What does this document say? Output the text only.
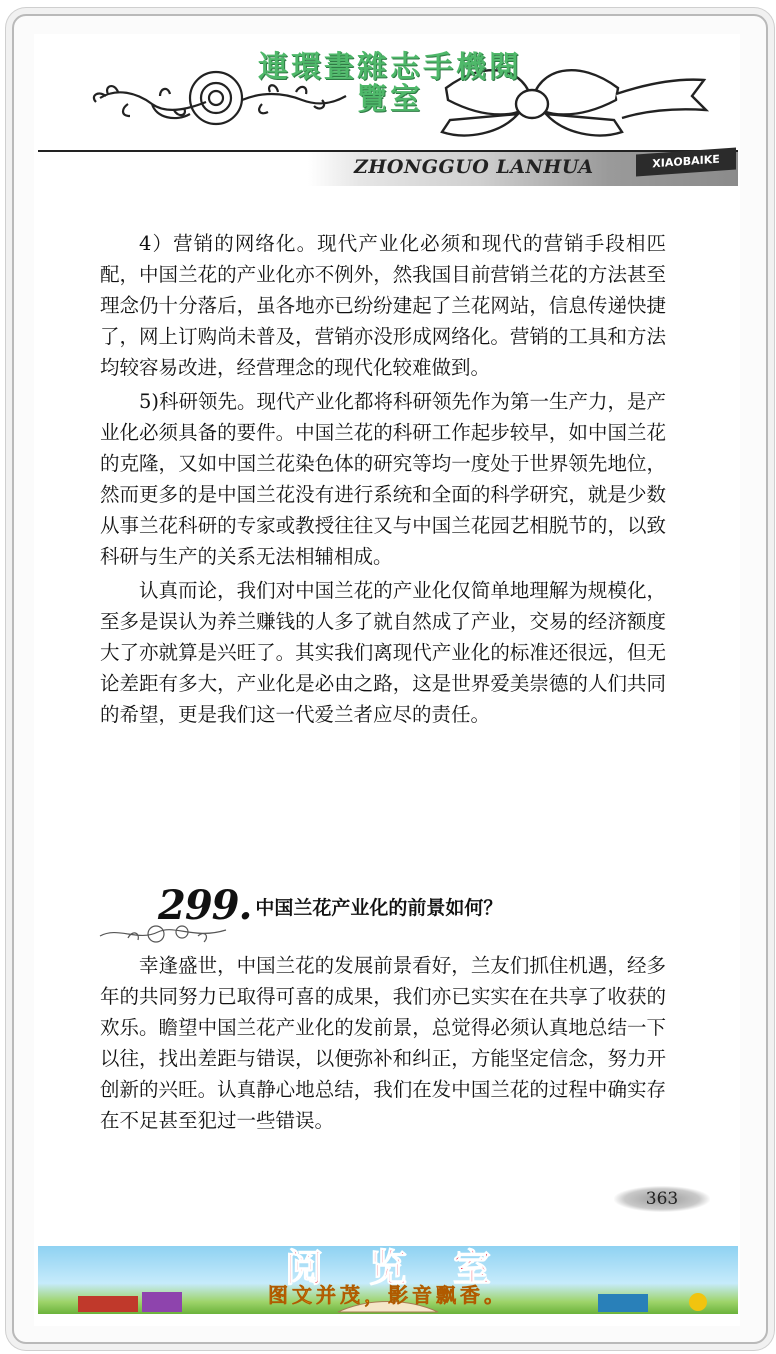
連環畫雜志手機閱
覽室
ZHONGGUO LANHUA	XIAOBAIKE

4）营销的网络化。现代产业化必须和现代的营销手段相匹配，中国兰花的产业化亦不例外，然我国目前营销兰花的方法甚至理念仍十分落后，虽各地亦已纷纷建起了兰花网站，信息传递快捷了，网上订购尚未普及，营销亦没形成网络化。营销的工具和方法均较容易改进，经营理念的现代化较难做到。

5)科研领先。现代产业化都将科研领先作为第一生产力，是产业化必须具备的要件。中国兰花的科研工作起步较早，如中国兰花的克隆，又如中国兰花染色体的研究等均一度处于世界领先地位，然而更多的是中国兰花没有进行系统和全面的科学研究，就是少数从事兰花科研的专家或教授往往又与中国兰花园艺相脱节的，以致科研与生产的关系无法相辅相成。

认真而论，我们对中国兰花的产业化仅简单地理解为规模化，至多是误认为养兰赚钱的人多了就自然成了产业，交易的经济额度大了亦就算是兴旺了。其实我们离现代产业化的标准还很远，但无论差距有多大，产业化是必由之路，这是世界爱美崇德的人们共同的希望，更是我们这一代爱兰者应尽的责任。

299. 中国兰花产业化的前景如何？

幸逢盛世，中国兰花的发展前景看好，兰友们抓住机遇，经多年的共同努力已取得可喜的成果，我们亦已实实在在共享了收获的欢乐。瞻望中国兰花产业化的发前景，总觉得必须认真地总结一下以往，找出差距与错误，以便弥补和纠正，方能坚定信念，努力开创新的兴旺。认真静心地总结，我们在发中国兰花的过程中确实存在不足甚至犯过一些错误。

363
阅览室
图文并茂，影音飘香。
